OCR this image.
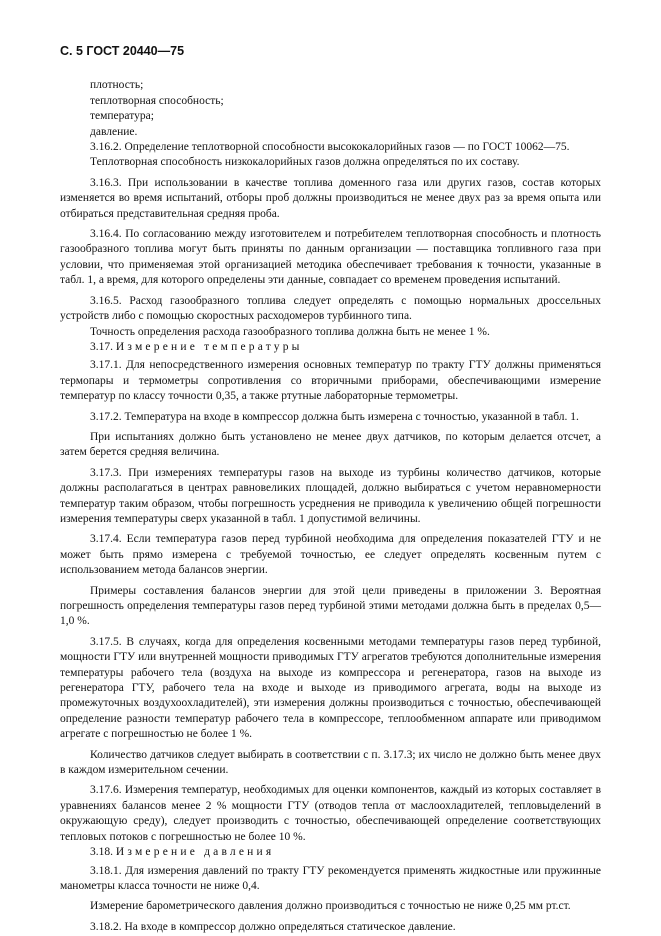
С. 5 ГОСТ 20440—75
плотность;
теплотворная способность;
температура;
давление.

3.16.2. Определение теплотворной способности высококалорийных газов — по ГОСТ 10062—75.

Теплотворная способность низкокалорийных газов должна определяться по их составу.

3.16.3. При использовании в качестве топлива доменного газа или других газов, состав которых изменяется во время испытаний, отборы проб должны производиться не менее двух раз за время опыта или отбираться представительная средняя проба.

3.16.4. По согласованию между изготовителем и потребителем теплотворная способность и плотность газообразного топлива могут быть приняты по данным организации — поставщика топливного газа при условии, что применяемая этой организацией методика обеспечивает требования к точности, указанные в табл. 1, а время, для которого определены эти данные, совпадает со временем проведения испытаний.

3.16.5. Расход газообразного топлива следует определять с помощью нормальных дроссельных устройств либо с помощью скоростных расходомеров турбинного типа.

Точность определения расхода газообразного топлива должна быть не менее 1 %.

3.17. Измерение температуры

3.17.1. Для непосредственного измерения основных температур по тракту ГТУ должны применяться термопары и термометры сопротивления со вторичными приборами, обеспечивающими измерение температур по классу точности 0,35, а также ртутные лабораторные термометры.

3.17.2. Температура на входе в компрессор должна быть измерена с точностью, указанной в табл. 1.

При испытаниях должно быть установлено не менее двух датчиков, по которым делается отсчет, а затем берется средняя величина.

3.17.3. При измерениях температуры газов на выходе из турбины количество датчиков, которые должны располагаться в центрах равновеликих площадей, должно выбираться с учетом неравномерности температур таким образом, чтобы погрешность усреднения не приводила к увеличению общей погрешности измерения температуры сверх указанной в табл. 1 допустимой величины.

3.17.4. Если температура газов перед турбиной необходима для определения показателей ГТУ и не может быть прямо измерена с требуемой точностью, ее следует определять косвенным путем с использованием метода балансов энергии.

Примеры составления балансов энергии для этой цели приведены в приложении 3. Вероятная погрешность определения температуры газов перед турбиной этими методами должна быть в пределах 0,5—1,0 %.

3.17.5. В случаях, когда для определения косвенными методами температуры газов перед турбиной, мощности ГТУ или внутренней мощности приводимых ГТУ агрегатов требуются дополнительные измерения температуры рабочего тела (воздуха на выходе из компрессора и регенератора, газов на выходе из регенератора ГТУ, рабочего тела на входе и выходе из приводимого агрегата, воды на выходе из промежуточных воздухоохладителей), эти измерения должны производиться с точностью, обеспечивающей определение разности температур рабочего тела в компрессоре, теплообменном аппарате или приводимом агрегате с погрешностью не более 1 %.

Количество датчиков следует выбирать в соответствии с п. 3.17.3; их число не должно быть менее двух в каждом измерительном сечении.

3.17.6. Измерения температур, необходимых для оценки компонентов, каждый из которых составляет в уравнениях балансов менее 2 % мощности ГТУ (отводов тепла от маслоохладителей, тепловыделений в окружающую среду), следует производить с точностью, обеспечивающей определение соответствующих тепловых потоков с погрешностью не более 10 %.

3.18. Измерение давления

3.18.1. Для измерения давлений по тракту ГТУ рекомендуется применять жидкостные или пружинные манометры класса точности не ниже 0,4.

Измерение барометрического давления должно производиться с точностью не ниже 0,25 мм рт.ст.

3.18.2. На входе в компрессор должно определяться статическое давление.
